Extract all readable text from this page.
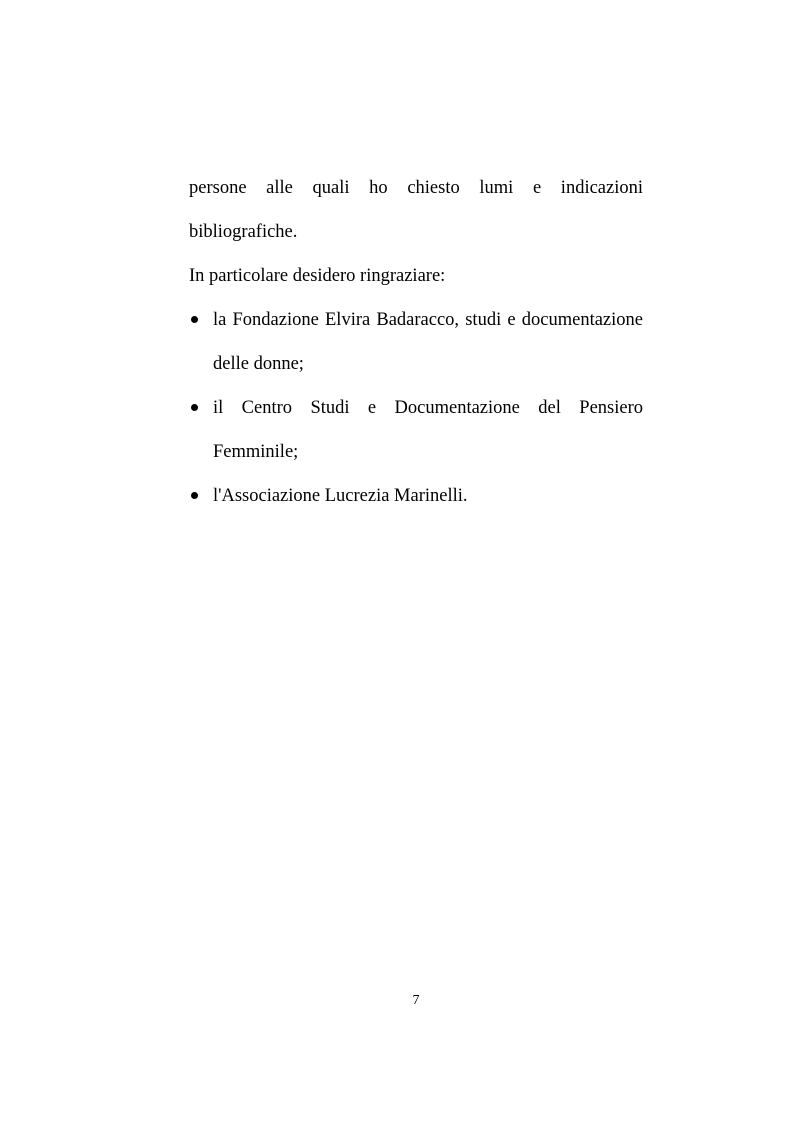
persone alle quali ho chiesto lumi e indicazioni
bibliografiche.

In particolare desidero ringraziare:

la Fondazione Elvira Badaracco, studi e documentazione
delle donne;
il Centro Studi e Documentazione del Pensiero
Femminile;
l'Associazione Lucrezia Marinelli.
7
